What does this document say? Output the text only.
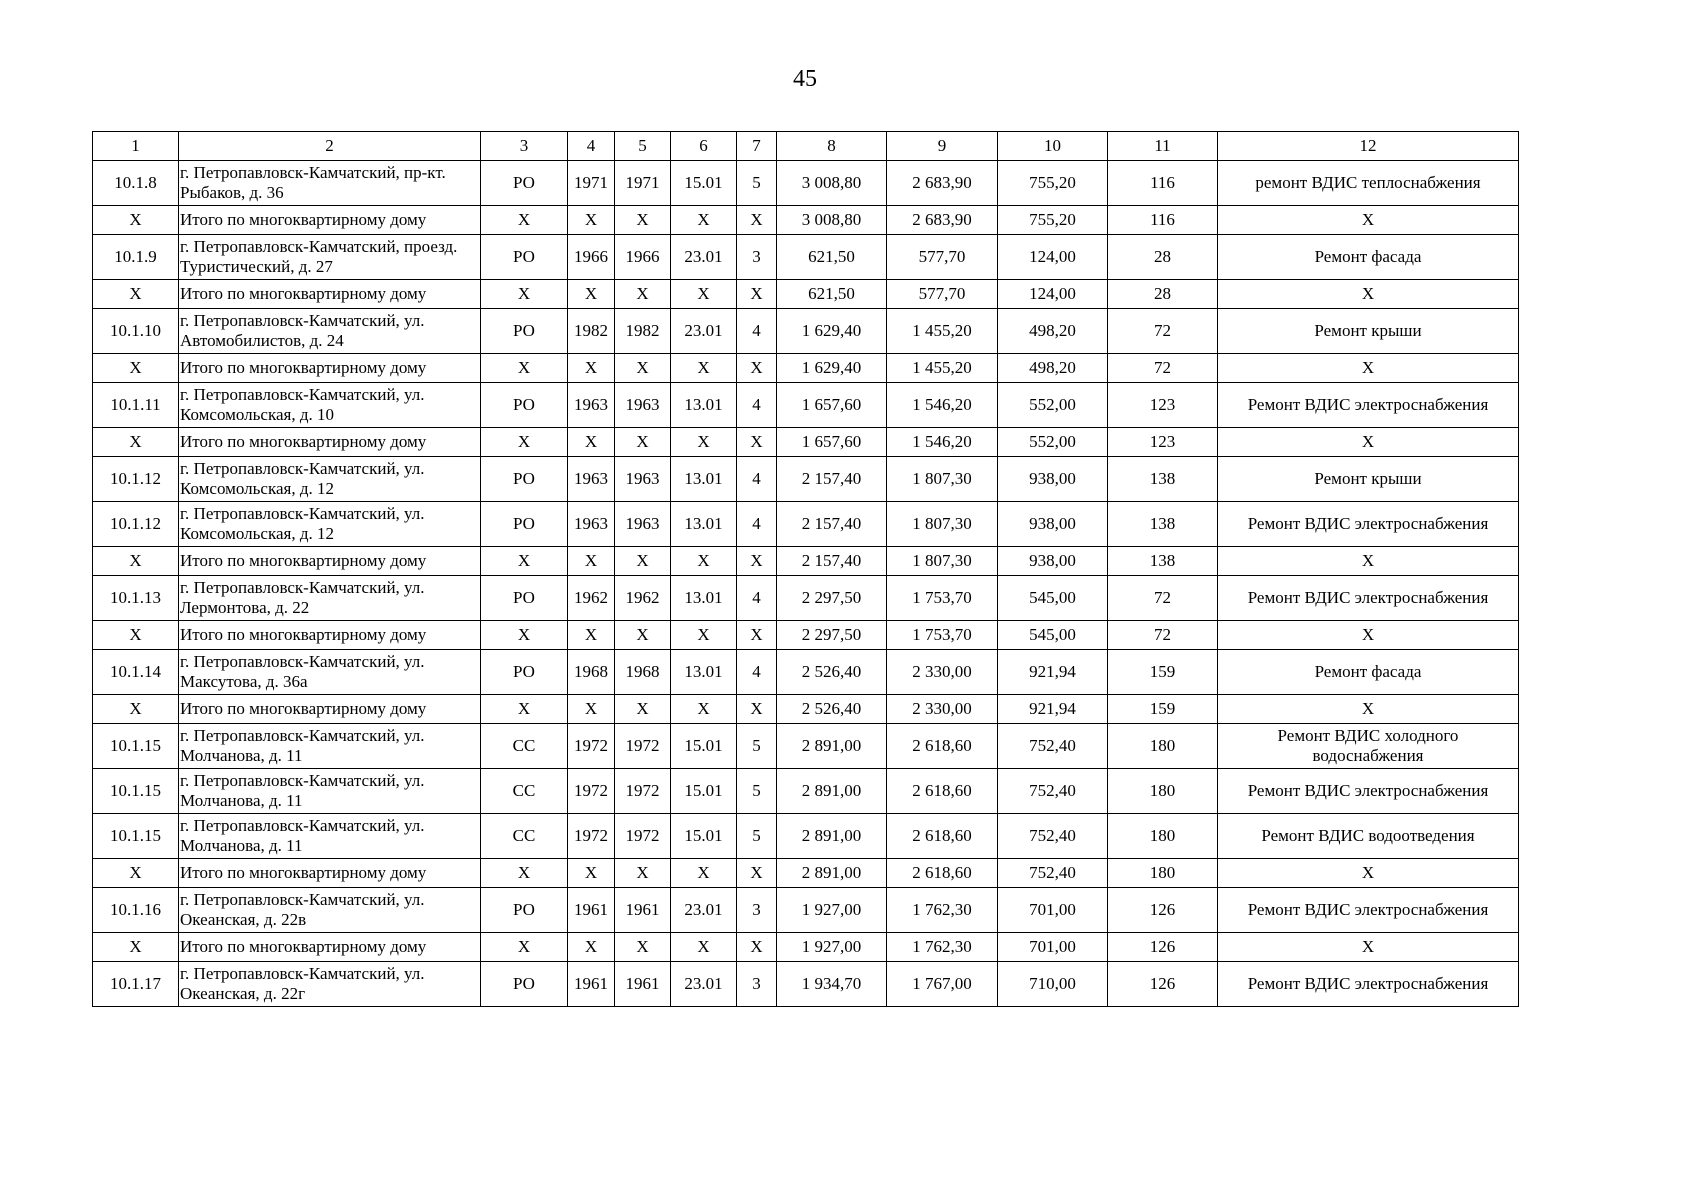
45
1	2	3	4	5	6	7	8	9	10	11	12
10.1.8	г. Петропавловск-Камчатский, пр-кт. Рыбаков, д. 36	РО	1971	1971	15.01	5	3 008,80	2 683,90	755,20	116	ремонт ВДИС теплоснабжения
X	Итого по многоквартирному дому	X	X	X	X	X	3 008,80	2 683,90	755,20	116	X
10.1.9	г. Петропавловск-Камчатский, проезд. Туристический, д. 27	РО	1966	1966	23.01	3	621,50	577,70	124,00	28	Ремонт фасада
X	Итого по многоквартирному дому	X	X	X	X	X	621,50	577,70	124,00	28	X
10.1.10	г. Петропавловск-Камчатский, ул. Автомобилистов, д. 24	РО	1982	1982	23.01	4	1 629,40	1 455,20	498,20	72	Ремонт крыши
X	Итого по многоквартирному дому	X	X	X	X	X	1 629,40	1 455,20	498,20	72	X
10.1.11	г. Петропавловск-Камчатский, ул. Комсомольская, д. 10	РО	1963	1963	13.01	4	1 657,60	1 546,20	552,00	123	Ремонт ВДИС электроснабжения
X	Итого по многоквартирному дому	X	X	X	X	X	1 657,60	1 546,20	552,00	123	X
10.1.12	г. Петропавловск-Камчатский, ул. Комсомольская, д. 12	РО	1963	1963	13.01	4	2 157,40	1 807,30	938,00	138	Ремонт крыши
10.1.12	г. Петропавловск-Камчатский, ул. Комсомольская, д. 12	РО	1963	1963	13.01	4	2 157,40	1 807,30	938,00	138	Ремонт ВДИС электроснабжения
X	Итого по многоквартирному дому	X	X	X	X	X	2 157,40	1 807,30	938,00	138	X
10.1.13	г. Петропавловск-Камчатский, ул. Лермонтова, д. 22	РО	1962	1962	13.01	4	2 297,50	1 753,70	545,00	72	Ремонт ВДИС электроснабжения
X	Итого по многоквартирному дому	X	X	X	X	X	2 297,50	1 753,70	545,00	72	X
10.1.14	г. Петропавловск-Камчатский, ул. Максутова, д. 36а	РО	1968	1968	13.01	4	2 526,40	2 330,00	921,94	159	Ремонт фасада
X	Итого по многоквартирному дому	X	X	X	X	X	2 526,40	2 330,00	921,94	159	X
10.1.15	г. Петропавловск-Камчатский, ул. Молчанова, д. 11	СС	1972	1972	15.01	5	2 891,00	2 618,60	752,40	180	Ремонт ВДИС холодного водоснабжения
10.1.15	г. Петропавловск-Камчатский, ул. Молчанова, д. 11	СС	1972	1972	15.01	5	2 891,00	2 618,60	752,40	180	Ремонт ВДИС электроснабжения
10.1.15	г. Петропавловск-Камчатский, ул. Молчанова, д. 11	СС	1972	1972	15.01	5	2 891,00	2 618,60	752,40	180	Ремонт ВДИС водоотведения
X	Итого по многоквартирному дому	X	X	X	X	X	2 891,00	2 618,60	752,40	180	X
10.1.16	г. Петропавловск-Камчатский, ул. Океанская, д. 22в	РО	1961	1961	23.01	3	1 927,00	1 762,30	701,00	126	Ремонт ВДИС электроснабжения
X	Итого по многоквартирному дому	X	X	X	X	X	1 927,00	1 762,30	701,00	126	X
10.1.17	г. Петропавловск-Камчатский, ул. Океанская, д. 22г	РО	1961	1961	23.01	3	1 934,70	1 767,00	710,00	126	Ремонт ВДИС электроснабжения
